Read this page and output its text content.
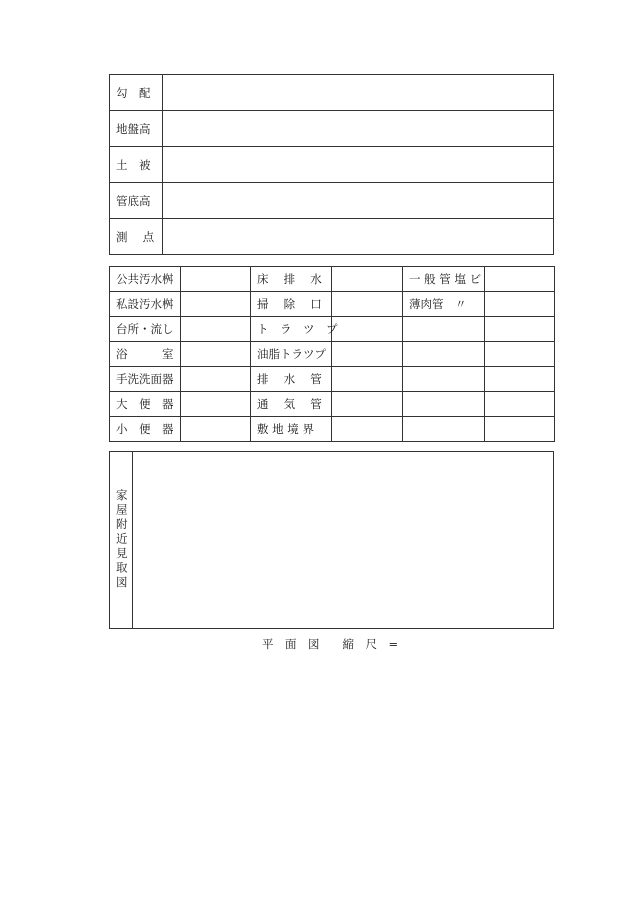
勾　配	
地盤高	
土　被	
管底高	
測　 点	
公共汚水桝		床　 排　 水		一 般 管 塩 ビ	
私設汚水桝		掃　 除　 口		薄肉管　〃	
台所・流し		ト　ラ　ツ　プ			
浴　　　室		油脂トラツプ			
手洗洗面器		排　 水　 管			
大　便　器		通　 気　 管			
小　便　器		敷 地 境 界			
家屋附近見取図
平　面　図　　縮　尺　=
